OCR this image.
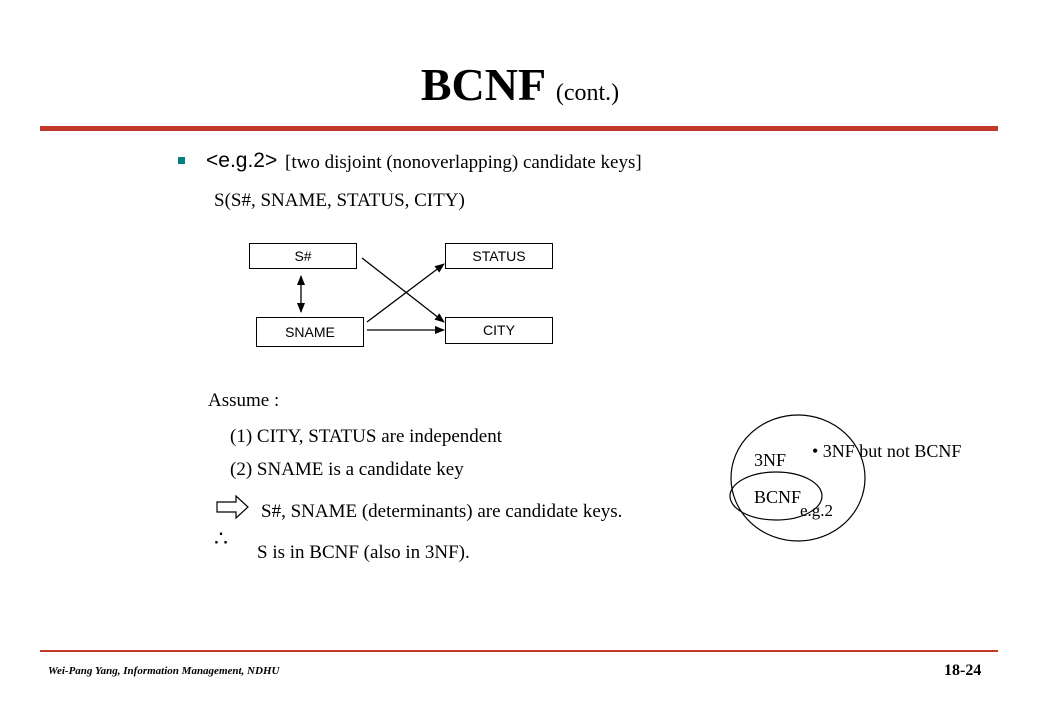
BCNF (cont.)
<e.g.2> [two disjoint (nonoverlapping) candidate keys]
S(S#, SNAME, STATUS, CITY)
S#	STATUS
SNAME	CITY
Assume :
(1) CITY, STATUS are independent
(2) SNAME is a candidate key
S#, SNAME (determinants) are candidate keys.
∴
S is in BCNF (also in 3NF).
3NF
BCNF
• 3NF but not BCNF
e.g.2
Wei-Pang Yang, Information Management, NDHU	18-24
